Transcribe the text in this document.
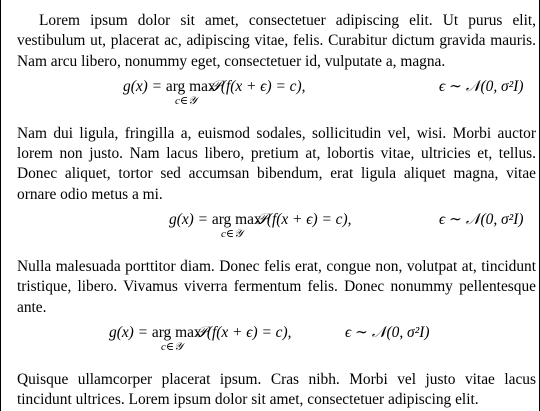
Lorem ipsum dolor sit amet, consectetuer adipiscing elit. Ut purus elit, vestibulum ut, placerat ac, adipiscing vitae, felis. Curabitur dictum gravida mauris. Nam arcu libero, nonummy eget, consectetuer id, vulputate a, magna.

g(x) = arg max
c∈𝒴
𝒫(f(x + ϵ) = c),	ϵ ∼ 𝒩(0, σ²I)

Nam dui ligula, fringilla a, euismod sodales, sollicitudin vel, wisi. Morbi auctor lorem non justo. Nam lacus libero, pretium at, lobortis vitae, ultricies et, tellus. Donec aliquet, tortor sed accumsan bibendum, erat ligula aliquet magna, vitae ornare odio metus a mi.

g(x) = arg max
c∈𝒴
𝒫(f(x + ϵ) = c),	ϵ ∼ 𝒩(0, σ²I)

Nulla malesuada porttitor diam. Donec felis erat, congue non, volutpat at, tincidunt tristique, libero. Vivamus viverra fermentum felis. Donec nonummy pellentesque ante.

g(x) = arg max
c∈𝒴
𝒫(f(x + ϵ) = c),	ϵ ∼ 𝒩(0, σ²I)

Quisque ullamcorper placerat ipsum. Cras nibh. Morbi vel justo vitae lacus tincidunt ultrices. Lorem ipsum dolor sit amet, consectetuer adipiscing elit.
